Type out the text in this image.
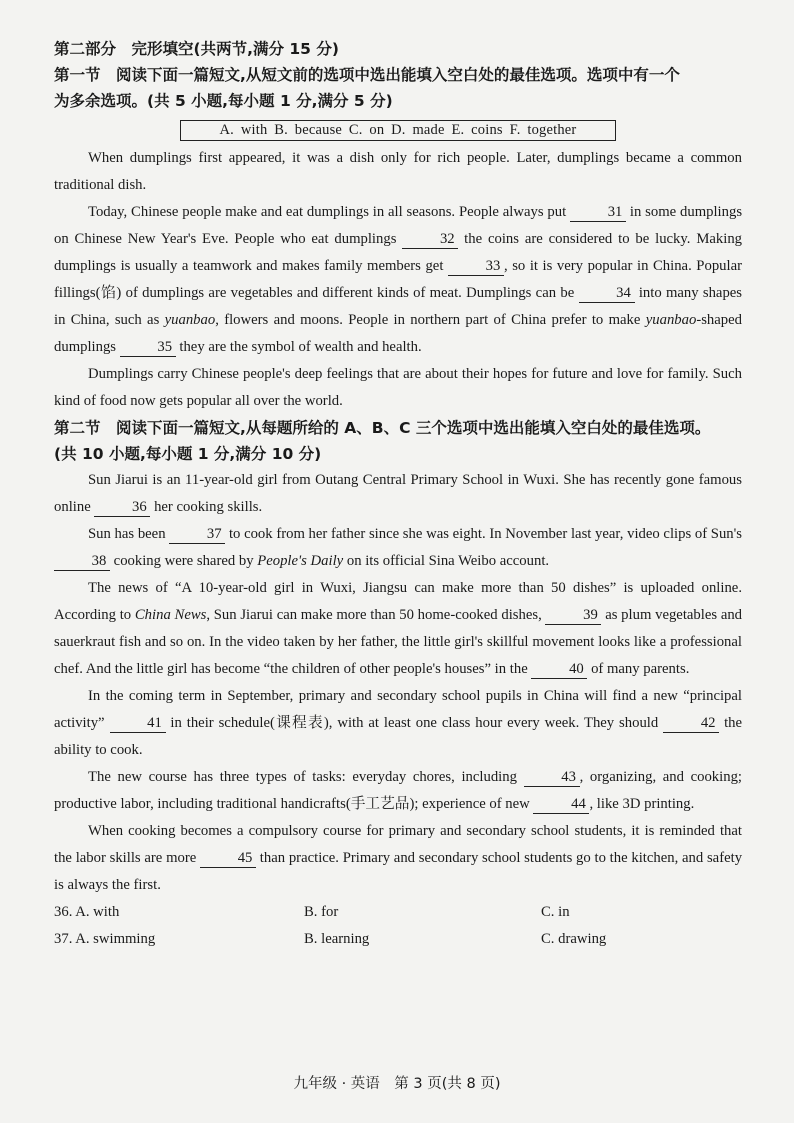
第二部分　完形填空(共两节,满分 15 分)
第一节　阅读下面一篇短文,从短文前的选项中选出能填入空白处的最佳选项。选项中有一个
为多余选项。(共 5 小题,每小题 1 分,满分 5 分)
A. with B. because C. on D. made E. coins F. together

When dumplings first appeared, it was a dish only for rich people. Later, dumplings became a common traditional dish.

Today, Chinese people make and eat dumplings in all seasons. People always put	31 in some dumplings on Chinese New Year's Eve. People who eat dumplings	32 the coins are considered to be lucky. Making dumplings is usually a teamwork and makes family members get	33 , so it is very popular in China. Popular fillings(馅) of dumplings are vegetables and different kinds of meat. Dumplings can be	34 into many shapes in China, such as yuanbao, flowers and moons. People in northern part of China prefer to make yuanbao-shaped dumplings	35 they are the symbol of wealth and health.

Dumplings carry Chinese people's deep feelings that are about their hopes for future and love for family. Such kind of food now gets popular all over the world.

第二节　阅读下面一篇短文,从每题所给的 A、B、C 三个选项中选出能填入空白处的最佳选项。
(共 10 小题,每小题 1 分,满分 10 分)

Sun Jiarui is an 11-year-old girl from Outang Central Primary School in Wuxi. She has recently gone famous online	36 her cooking skills.

Sun has been	37 to cook from her father since she was eight. In November last year, video clips of Sun's 38 cooking were shared by People's Daily on its official Sina Weibo account.

The news of “A 10-year-old girl in Wuxi, Jiangsu can make more than 50 dishes” is uploaded online. According to China News, Sun Jiarui can make more than 50 home-cooked dishes,	39 as plum vegetables and sauerkraut fish and so on. In the video taken by her father, the little girl's skillful movement looks like a professional chef. And the little girl has become “the children of other people's houses” in the	40 of many parents.

In the coming term in September, primary and secondary school pupils in China will find a new “principal activity”	41 in their schedule(课程表), with at least one class hour every week. They should	42 the ability to cook.

The new course has three types of tasks: everyday chores, including	43 , organizing, and cooking; productive labor, including traditional handicrafts(手工艺品); experience of new	44 , like 3D printing.

When cooking becomes a compulsory course for primary and secondary school students, it is reminded that the labor skills are more	45 than practice. Primary and secondary school students go to the kitchen, and safety is always the first.

36. A. with	B. for	C. in
37. A. swimming	B. learning	C. drawing
九年级 · 英语　第 3 页(共 8 页)
